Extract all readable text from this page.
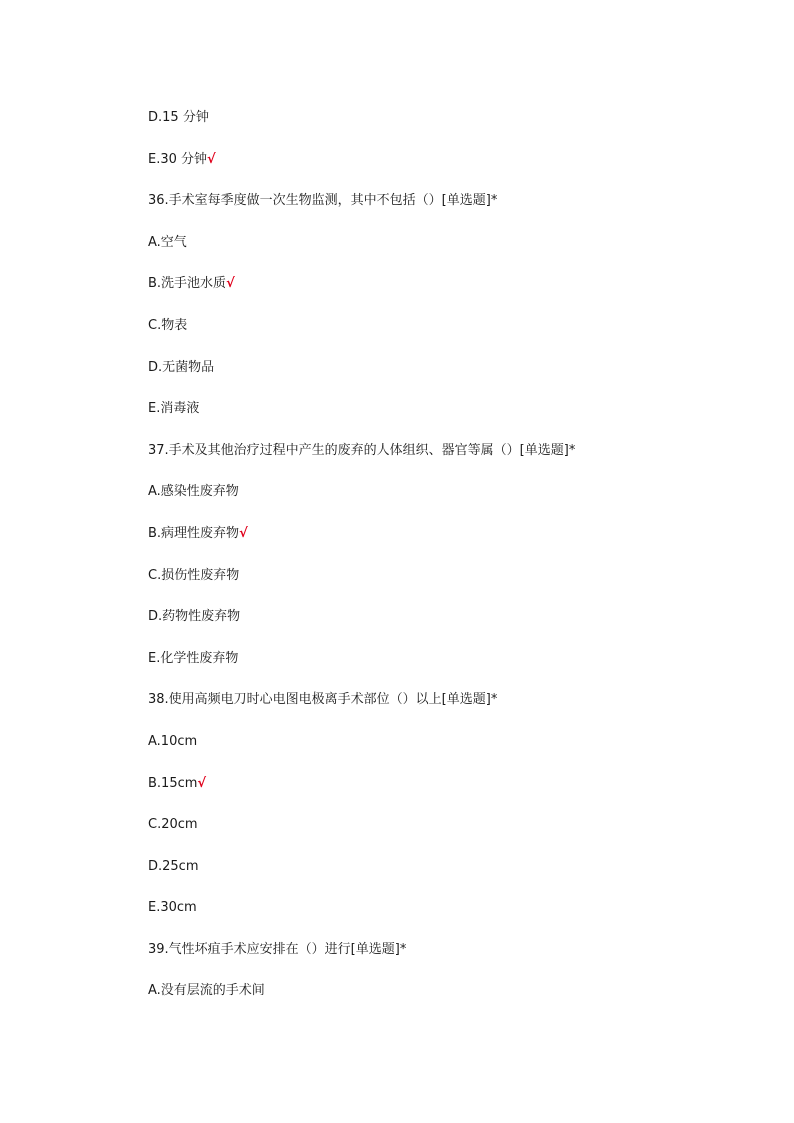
D.15 分钟
E.30 分钟√
36.手术室每季度做一次生物监测，其中不包括（）[单选题]*
A.空气
B.洗手池水质√
C.物表
D.无菌物品
E.消毒液
37.手术及其他治疗过程中产生的废弃的人体组织、器官等属（）[单选题]*
A.感染性废弃物
B.病理性废弃物√
C.损伤性废弃物
D.药物性废弃物
E.化学性废弃物
38.使用高频电刀时心电图电极离手术部位（）以上[单选题]*
A.10cm
B.15cm√
C.20cm
D.25cm
E.30cm
39.气性坏疽手术应安排在（）进行[单选题]*
A.没有层流的手术间
